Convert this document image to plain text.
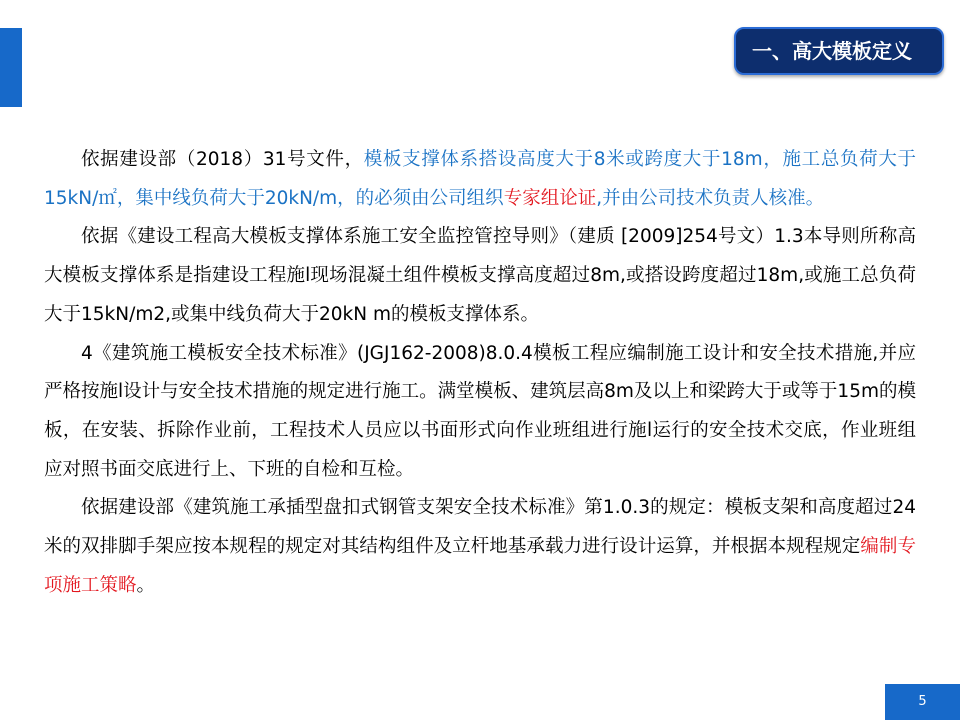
一、高大模板定义

依据建设部（2018）31号文件，模板支撑体系搭设高度大于8米或跨度大于18m，施工总负荷大于15kN/㎡，集中线负荷大于20kN/m，的必须由公司组织专家组论证,并由公司技术负责人核准。

依据《建设工程高大模板支撑体系施工安全监控管控导则》（建质 [2009]254号文）1.3本导则所称高大模板支撑体系是指建设工程施l现场混凝土组件模板支撑高度超过8m,或搭设跨度超过18m,或施工总负荷大于15kN/m2,或集中线负荷大于20kN m的模板支撑体系。

4《建筑施工模板安全技术标准》(JGJ162-2008)8.0.4模板工程应编制施工设计和安全技术措施,并应严格按施l设计与安全技术措施的规定进行施工。满堂模板、建筑层高8m及以上和梁跨大于或等于15m的模板，在安装、拆除作业前，工程技术人员应以书面形式向作业班组进行施l运行的安全技术交底，作业班组应对照书面交底进行上、下班的自检和互检。

依据建设部《建筑施工承插型盘扣式钢管支架安全技术标准》第1.0.3的规定：模板支架和高度超过24米的双排脚手架应按本规程的规定对其结构组件及立杆地基承载力进行设计运算，并根据本规程规定编制专项施工策略。

5
